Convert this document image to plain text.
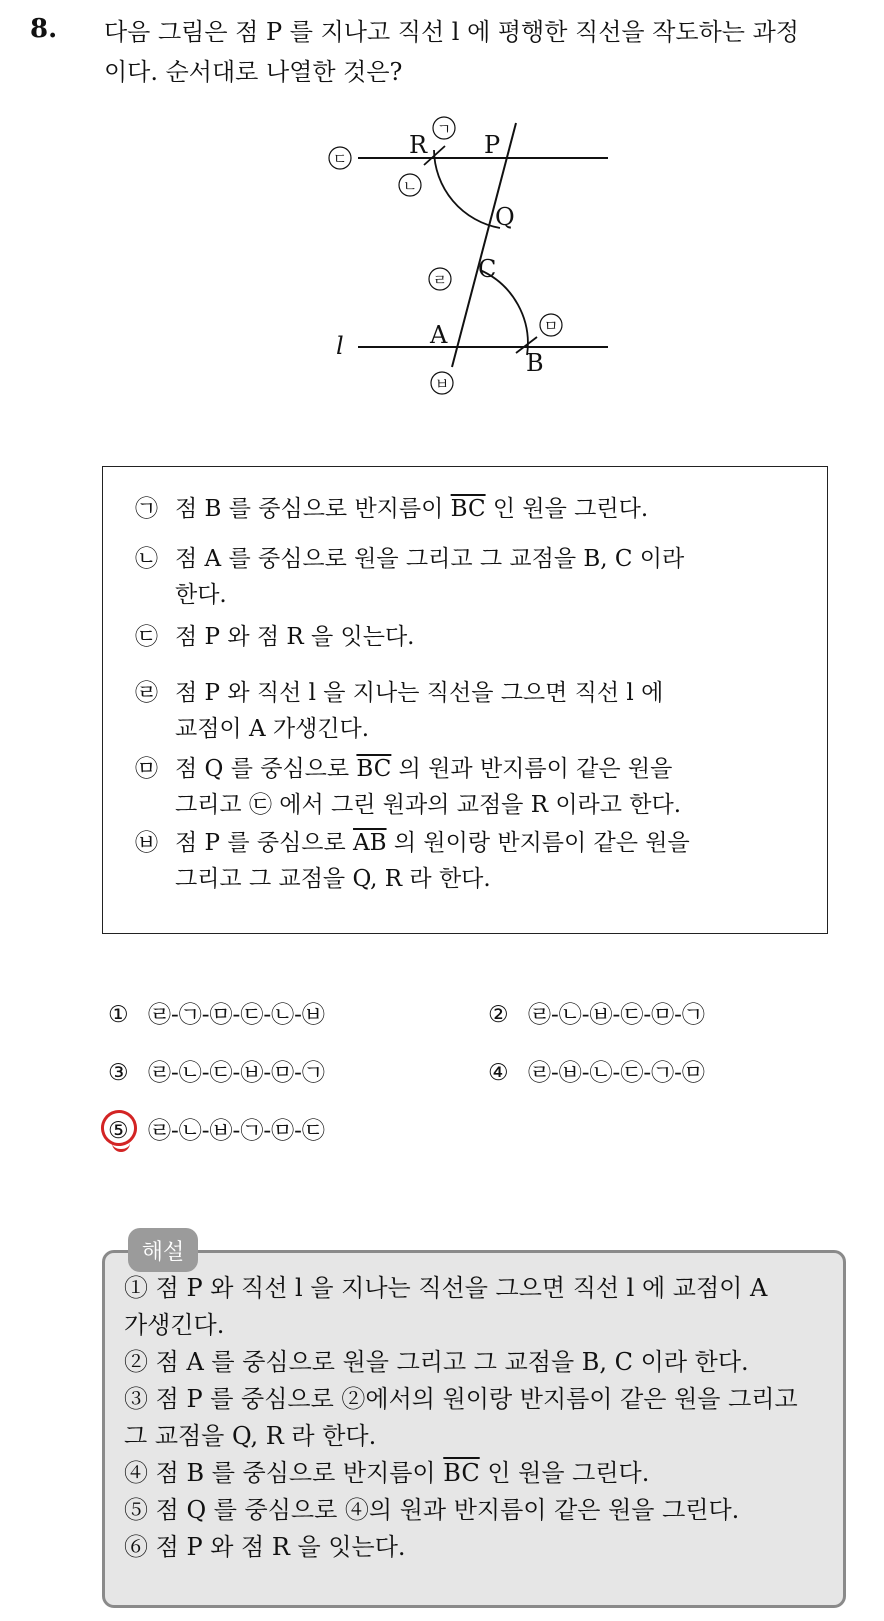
8. 다음 그림은 점 P 를 지나고 직선 l 에 평행한 직선을 작도하는 과정
이다. 순서대로 나열한 것은?
R P
Q
C
A
B
l
ㄱ
ㄴ
ㄷ
ㄹ
ㅁ
ㅂ
㉠ 점 B 를 중심으로 반지름이 $\overline{BC}$ 인 원을 그린다.
㉡ 점 A 를 중심으로 원을 그리고 그 교점을 B, C 이라
한다.
㉢ 점 P 와 점 R 을 잇는다.
㉣ 점 P 와 직선 l 을 지나는 직선을 그으면 직선 l 에
교점이 A 가생긴다.
㉤ 점 Q 를 중심으로 $\overline{BC}$ 의 원과 반지름이 같은 원을
그리고 ㉢ 에서 그린 원과의 교점을 R 이라고 한다.
㉥ 점 P 를 중심으로 $\overline{AB}$ 의 원이랑 반지름이 같은 원을
그리고 그 교점을 Q, R 라 한다.
① ㉣-㉠-㉤-㉢-㉡-㉥	② ㉣-㉡-㉥-㉢-㉤-㉠
③ ㉣-㉡-㉢-㉥-㉤-㉠	④ ㉣-㉥-㉡-㉢-㉠-㉤
⑤ ㉣-㉡-㉥-㉠-㉤-㉢
해설
① 점 P 와 직선 l 을 지나는 직선을 그으면 직선 l 에 교점이 A
가생긴다.
② 점 A 를 중심으로 원을 그리고 그 교점을 B, C 이라 한다.
③ 점 P 를 중심으로 ②에서의 원이랑 반지름이 같은 원을 그리고
그 교점을 Q, R 라 한다.
④ 점 B 를 중심으로 반지름이 $\overline{BC}$ 인 원을 그린다.
⑤ 점 Q 를 중심으로 ④의 원과 반지름이 같은 원을 그린다.
⑥ 점 P 와 점 R 을 잇는다.
